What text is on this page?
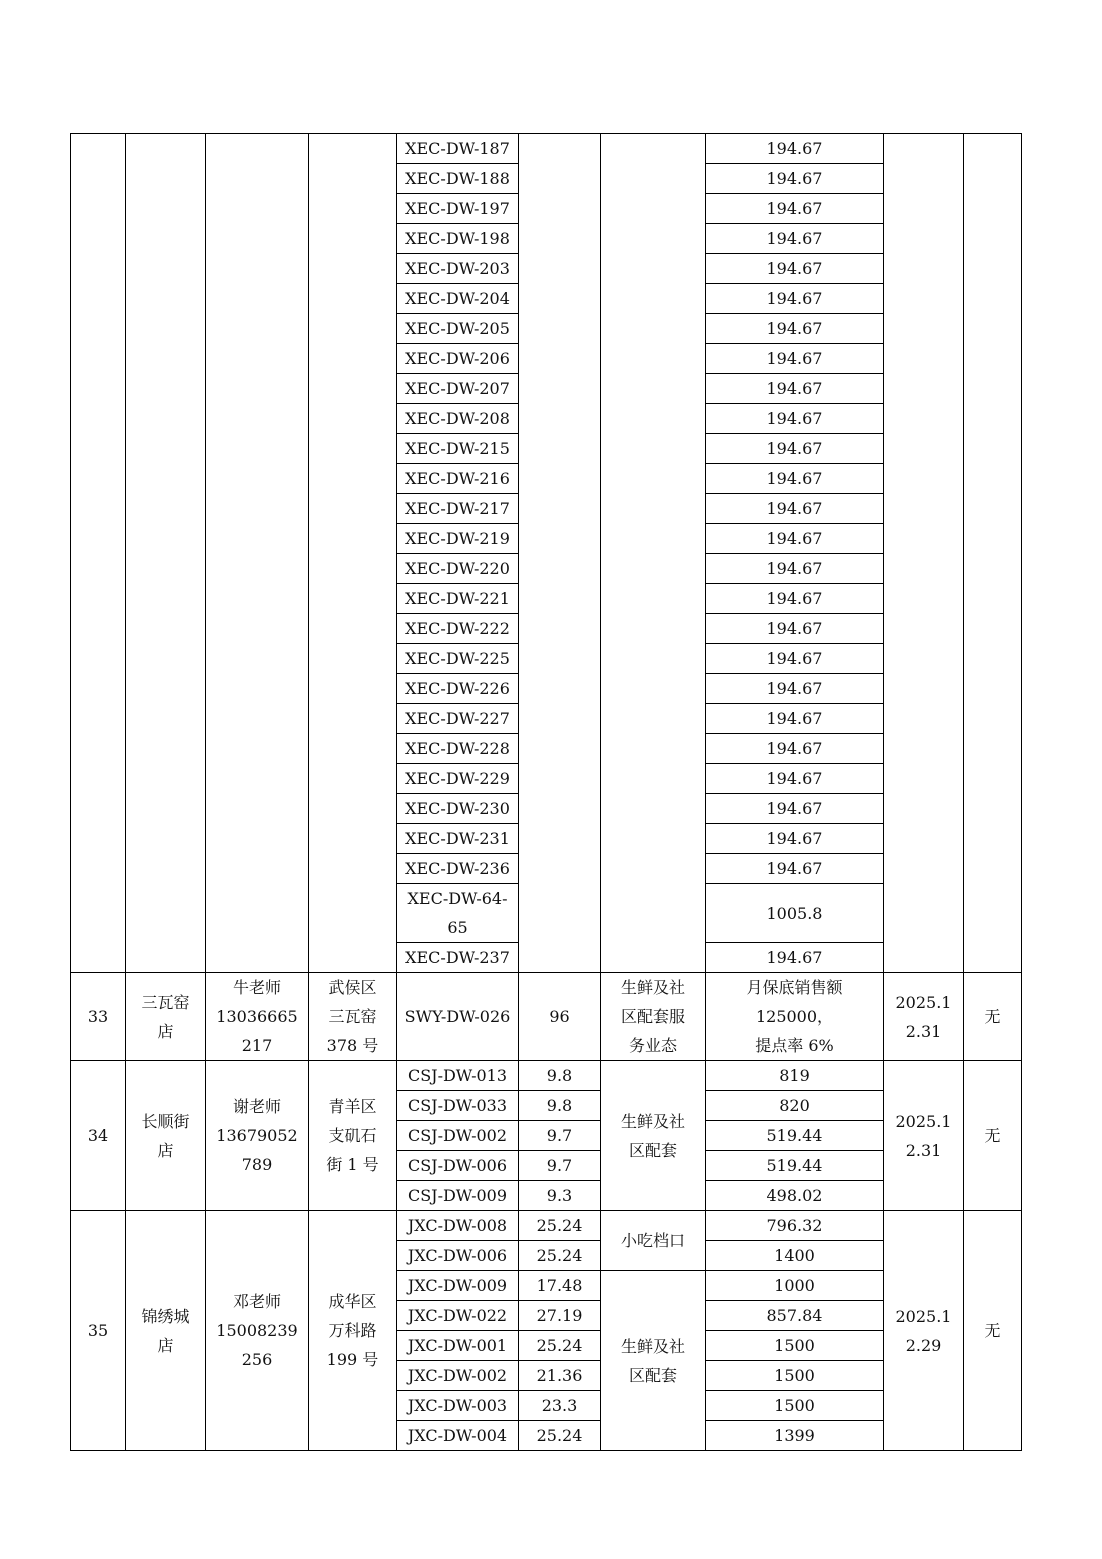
				XEC-DW-187			194.67		

				XEC-DW-188			194.67		

				XEC-DW-197			194.67		

				XEC-DW-198			194.67		

				XEC-DW-203			194.67		

				XEC-DW-204			194.67		

				XEC-DW-205			194.67		

				XEC-DW-206			194.67		

				XEC-DW-207			194.67		

				XEC-DW-208			194.67		

				XEC-DW-215			194.67		

				XEC-DW-216			194.67		

				XEC-DW-217			194.67		

				XEC-DW-219			194.67		

				XEC-DW-220			194.67		

				XEC-DW-221			194.67		

				XEC-DW-222			194.67		

				XEC-DW-225			194.67		

				XEC-DW-226			194.67		

				XEC-DW-227			194.67		

				XEC-DW-228			194.67		

				XEC-DW-229			194.67		

				XEC-DW-230			194.67		

				XEC-DW-231			194.67		

				XEC-DW-236			194.67		

				XEC-DW-64-65			1005.8		

				XEC-DW-237			194.67		

33	三瓦窑
店	牛老师
13036665
217	武侯区
三瓦窑
378 号	SWY-DW-026	96	生鲜及社
区配套服
务业态	月保底销售额 125000，
提点率 6%	2025.1
2.31	无

34	长顺街
店	谢老师
13679052
789	青羊区
支矶石
街 1 号	CSJ-DW-013	9.8	生鲜及社
区配套	819	2025.1
2.31	无

				CSJ-DW-033	9.8		820		

				CSJ-DW-002	9.7		519.44		

				CSJ-DW-006	9.7		519.44		

				CSJ-DW-009	9.3		498.02		

35	锦绣城
店	邓老师
15008239
256	成华区
万科路
199 号	JXC-DW-008	25.24	小吃档口	796.32	2025.1
2.29	无

				JXC-DW-006	25.24		1400		

				JXC-DW-009	17.48	生鲜及社
区配套	1000		

				JXC-DW-022	27.19		857.84		

				JXC-DW-001	25.24		1500		

				JXC-DW-002	21.36		1500		

				JXC-DW-003	23.3		1500		

				JXC-DW-004	25.24		1399		
